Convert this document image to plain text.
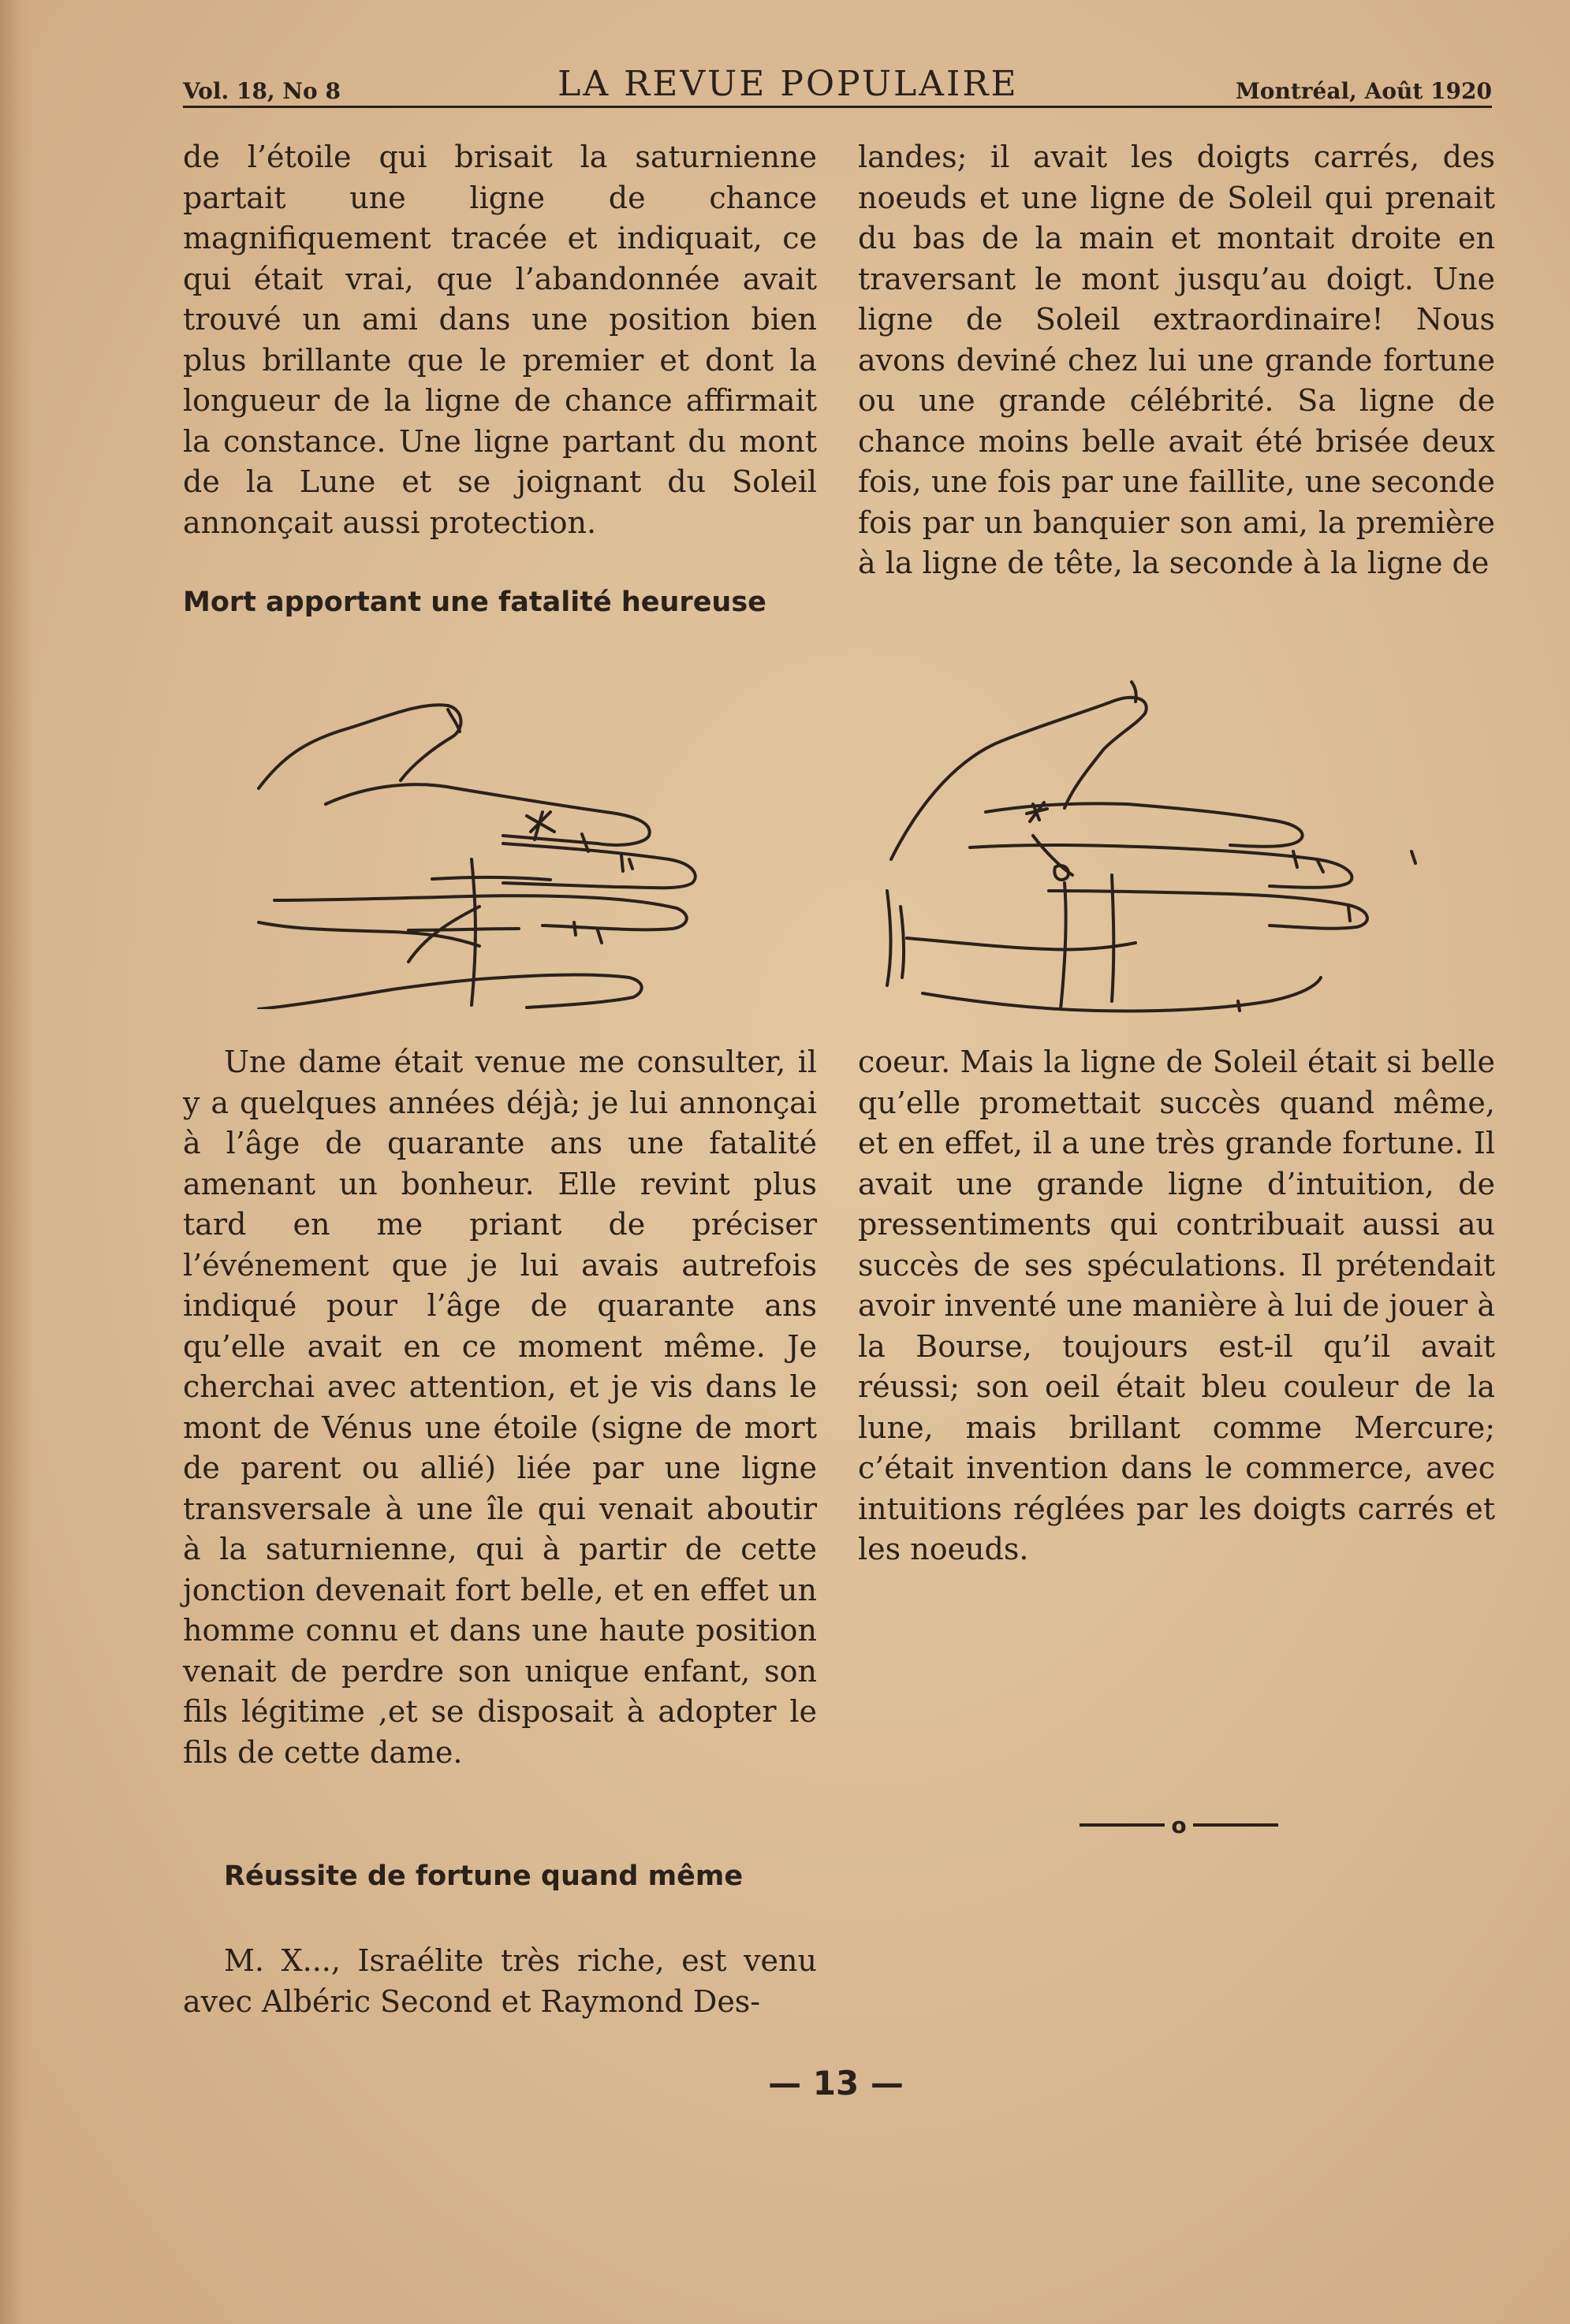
Vol. 18, No 8	LA REVUE POPULAIRE	Montréal, Août 1920

de l’étoile qui brisait la saturnienne partait une ligne de chance magnifiquement tracée et indiquait, ce qui était vrai, que l’abandonnée avait trouvé un ami dans une position bien plus brillante que le premier et dont la longueur de la ligne de chance affirmait la constance. Une ligne partant du mont de la Lune et se joignant du Soleil annonçait aussi protection.

Mort apportant une fatalité heureuse

landes; il avait les doigts carrés, des noeuds et une ligne de Soleil qui prenait du bas de la main et montait droite en traversant le mont jusqu’au doigt. Une ligne de Soleil extraordinaire! Nous avons deviné chez lui une grande fortune ou une grande célébrité. Sa ligne de chance moins belle avait été brisée deux fois, une fois par une faillite, une seconde fois par un banquier son ami, la première à la ligne de tête, la seconde à la ligne de

Une dame était venue me consulter, il y a quelques années déjà; je lui annonçai à l’âge de quarante ans une fatalité amenant un bonheur. Elle revint plus tard en me priant de préciser l’événement que je lui avais autrefois indiqué pour l’âge de quarante ans qu’elle avait en ce moment même. Je cherchai avec attention, et je vis dans le mont de Vénus une étoile (signe de mort de parent ou allié) liée par une ligne transversale à une île qui venait aboutir à la saturnienne, qui à partir de cette jonction devenait fort belle, et en effet un homme connu et dans une haute position venait de perdre son unique enfant, son fils légitime ,et se disposait à adopter le fils de cette dame.

Réussite de fortune quand même

M. X..., Israélite très riche, est venu avec Albéric Second et Raymond Des-

coeur. Mais la ligne de Soleil était si belle qu’elle promettait succès quand même, et en effet, il a une très grande fortune. Il avait une grande ligne d’intuition, de pressentiments qui contribuait aussi au succès de ses spéculations. Il prétendait avoir inventé une manière à lui de jouer à la Bourse, toujours est-il qu’il avait réussi; son oeil était bleu couleur de la lune, mais brillant comme Mercure; c’était invention dans le commerce, avec intuitions réglées par les doigts carrés et les noeuds.

o
— 13 —
